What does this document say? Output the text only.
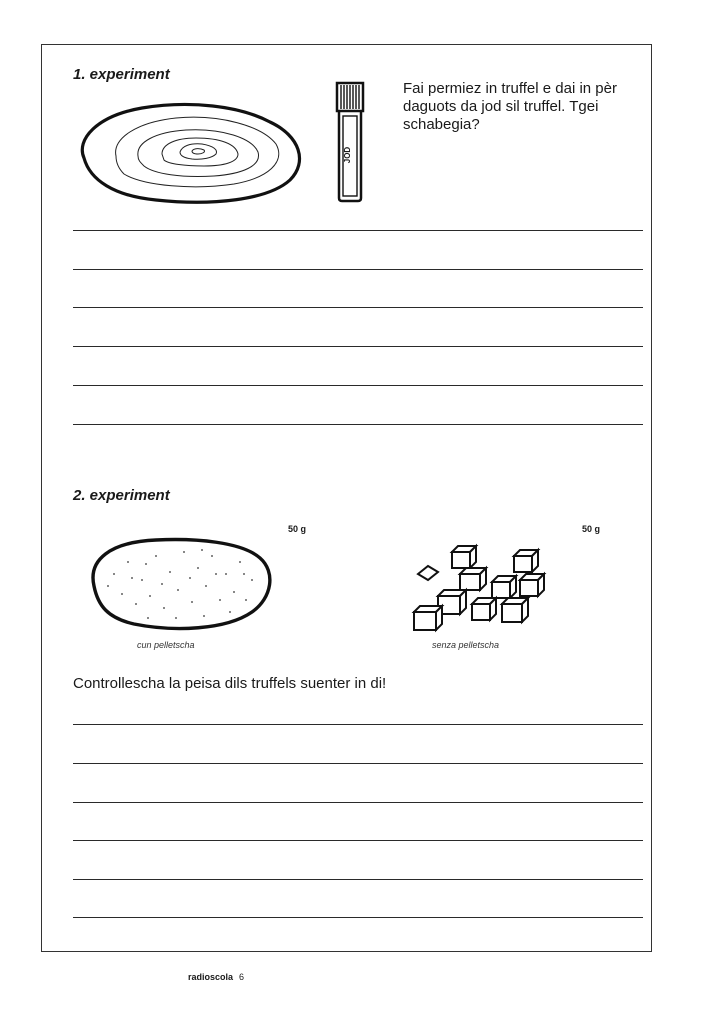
1. experiment
JOD

Fai permiez in truffel e dai in pèr daguots da jod sil truffel. Tgei schabegia?

2. experiment
50 g	50 g
cun pelletscha	senza pelletscha

Controllescha la peisa dils truffels suenter in di!

radioscola 6
